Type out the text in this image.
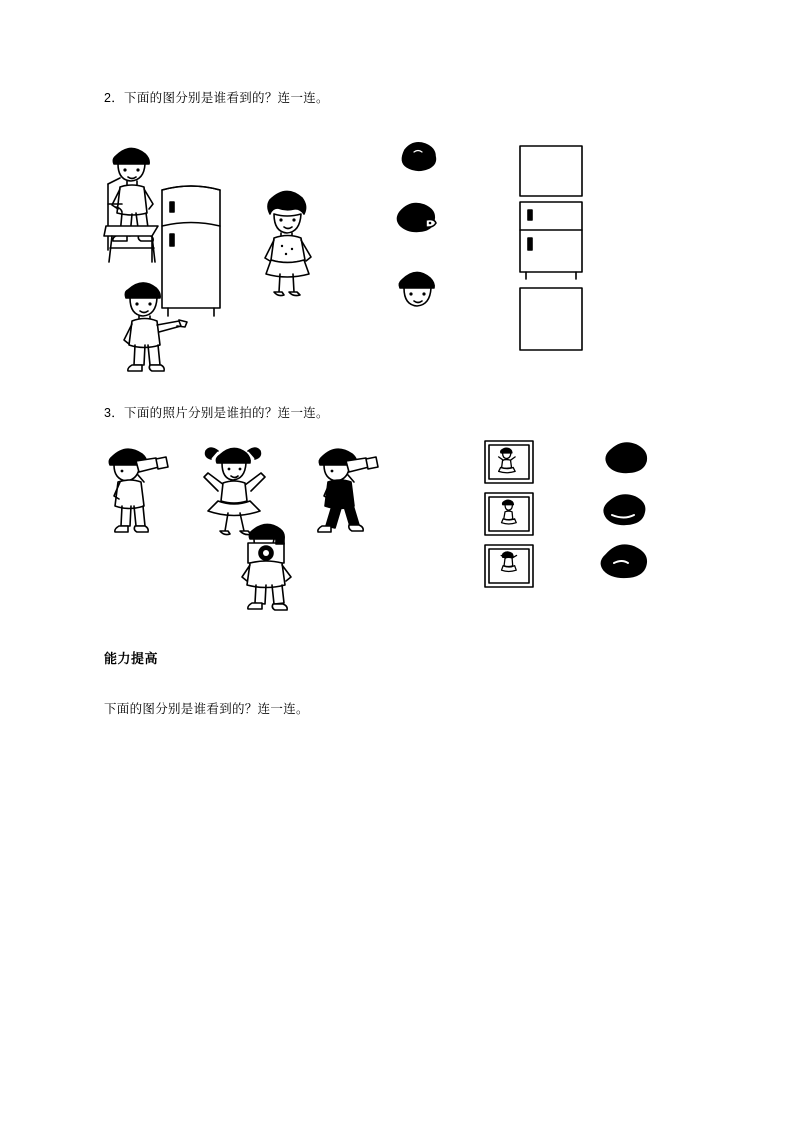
2．下面的图分别是谁看到的？连一连。
3．下面的照片分别是谁拍的？连一连。
能力提高
下面的图分别是谁看到的？连一连。
